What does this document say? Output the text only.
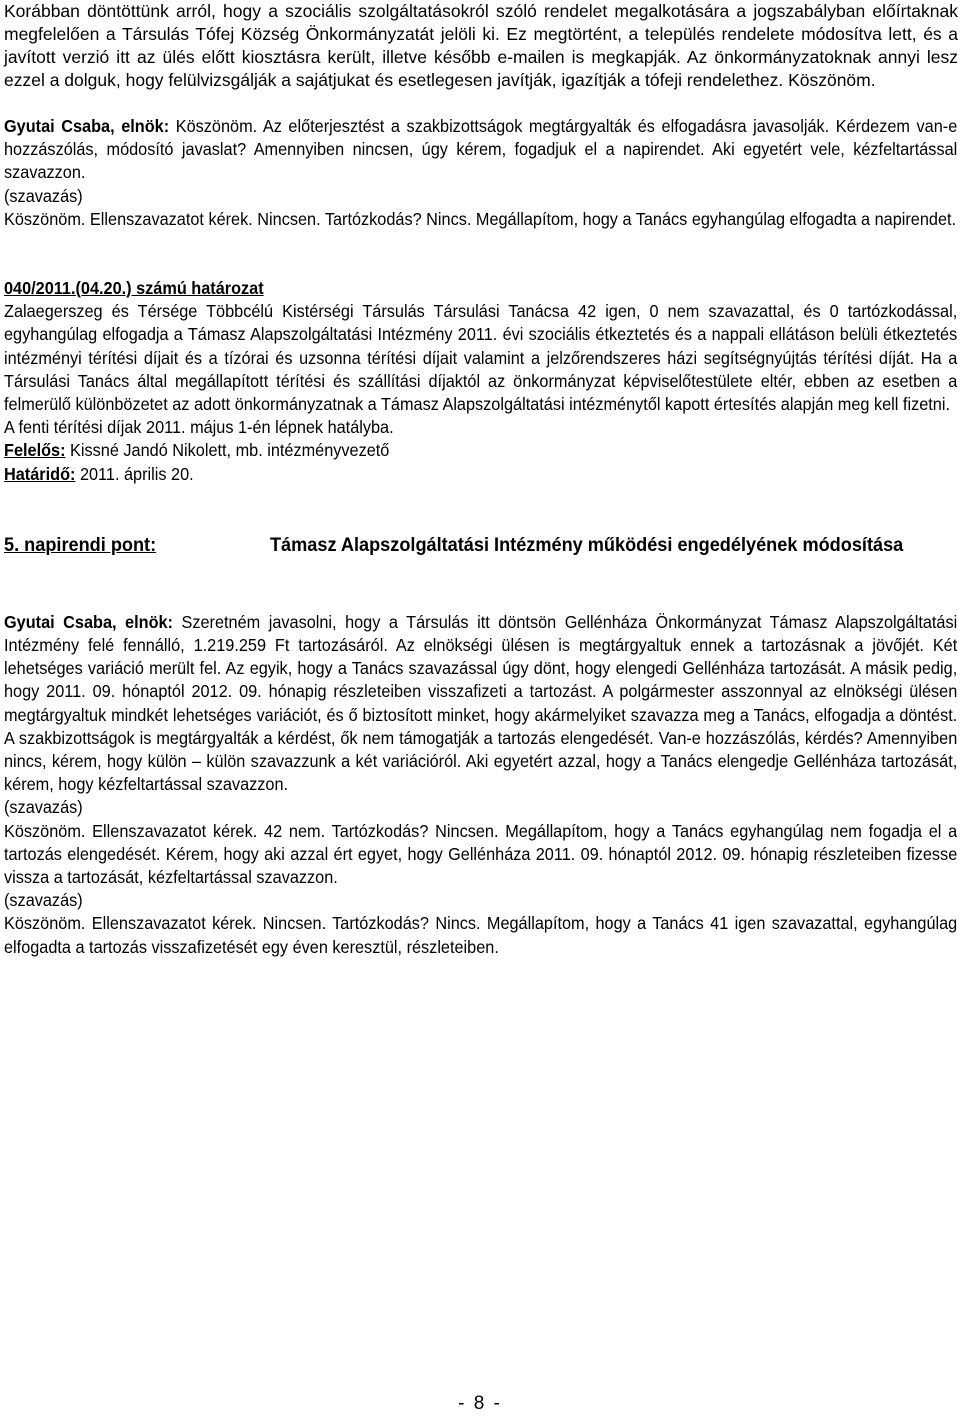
Korábban döntöttünk arról, hogy a szociális szolgáltatásokról szóló rendelet megalkotására a jogszabályban előírtaknak megfelelően a Társulás Tófej Község Önkormányzatát jelöli ki. Ez megtörtént, a település rendelete módosítva lett, és a javított verzió itt az ülés előtt kiosztásra került, illetve később e-mailen is megkapják. Az önkormányzatoknak annyi lesz ezzel a dolguk, hogy felülvizsgálják a sajátjukat és esetlegesen javítják, igazítják a tófeji rendelethez. Köszönöm.

Gyutai Csaba, elnök: Köszönöm. Az előterjesztést a szakbizottságok megtárgyalták és elfogadásra javasolják. Kérdezem van-e hozzászólás, módosító javaslat? Amennyiben nincsen, úgy kérem, fogadjuk el a napirendet. Aki egyetért vele, kézfeltartással szavazzon.

(szavazás)

Köszönöm. Ellenszavazatot kérek. Nincsen. Tartózkodás? Nincs. Megállapítom, hogy a Tanács egyhangúlag elfogadta a napirendet.

040/2011.(04.20.) számú határozat

Zalaegerszeg és Térsége Többcélú Kistérségi Társulás Társulási Tanácsa 42 igen, 0 nem szavazattal, és 0 tartózkodással, egyhangúlag elfogadja a Támasz Alapszolgáltatási Intézmény 2011. évi szociális étkeztetés és a nappali ellátáson belüli étkeztetés intézményi térítési díjait és a tízórai és uzsonna térítési díjait valamint a jelzőrendszeres házi segítségnyújtás térítési díját. Ha a Társulási Tanács által megállapított térítési és szállítási díjaktól az önkormányzat képviselőtestülete eltér, ebben az esetben a felmerülő különbözetet az adott önkormányzatnak a Támasz Alapszolgáltatási intézménytől kapott értesítés alapján meg kell fizetni.

A fenti térítési díjak 2011. május 1-én lépnek hatályba.

Felelős: Kissné Jandó Nikolett, mb. intézményvezető

Határidő: 2011. április 20.

5. napirendi pont:	Támasz Alapszolgáltatási Intézmény működési engedélyének módosítása

Gyutai Csaba, elnök: Szeretném javasolni, hogy a Társulás itt döntsön Gellénháza Önkormányzat Támasz Alapszolgáltatási Intézmény felé fennálló, 1.219.259 Ft tartozásáról. Az elnökségi ülésen is megtárgyaltuk ennek a tartozásnak a jövőjét. Két lehetséges variáció merült fel. Az egyik, hogy a Tanács szavazással úgy dönt, hogy elengedi Gellénháza tartozását. A másik pedig, hogy 2011. 09. hónaptól 2012. 09. hónapig részleteiben visszafizeti a tartozást. A polgármester asszonnyal az elnökségi ülésen megtárgyaltuk mindkét lehetséges variációt, és ő biztosított minket, hogy akármelyiket szavazza meg a Tanács, elfogadja a döntést. A szakbizottságok is megtárgyalták a kérdést, ők nem támogatják a tartozás elengedését. Van-e hozzászólás, kérdés? Amennyiben nincs, kérem, hogy külön – külön szavazzunk a két variációról. Aki egyetért azzal, hogy a Tanács elengedje Gellénháza tartozását, kérem, hogy kézfeltartással szavazzon.

(szavazás)

Köszönöm. Ellenszavazatot kérek. 42 nem. Tartózkodás? Nincsen. Megállapítom, hogy a Tanács egyhangúlag nem fogadja el a tartozás elengedését. Kérem, hogy aki azzal ért egyet, hogy Gellénháza 2011. 09. hónaptól 2012. 09. hónapig részleteiben fizesse vissza a tartozását, kézfeltartással szavazzon.

(szavazás)

Köszönöm. Ellenszavazatot kérek. Nincsen. Tartózkodás? Nincs. Megállapítom, hogy a Tanács 41 igen szavazattal, egyhangúlag elfogadta a tartozás visszafizetését egy éven keresztül, részleteiben.

- 8 -
